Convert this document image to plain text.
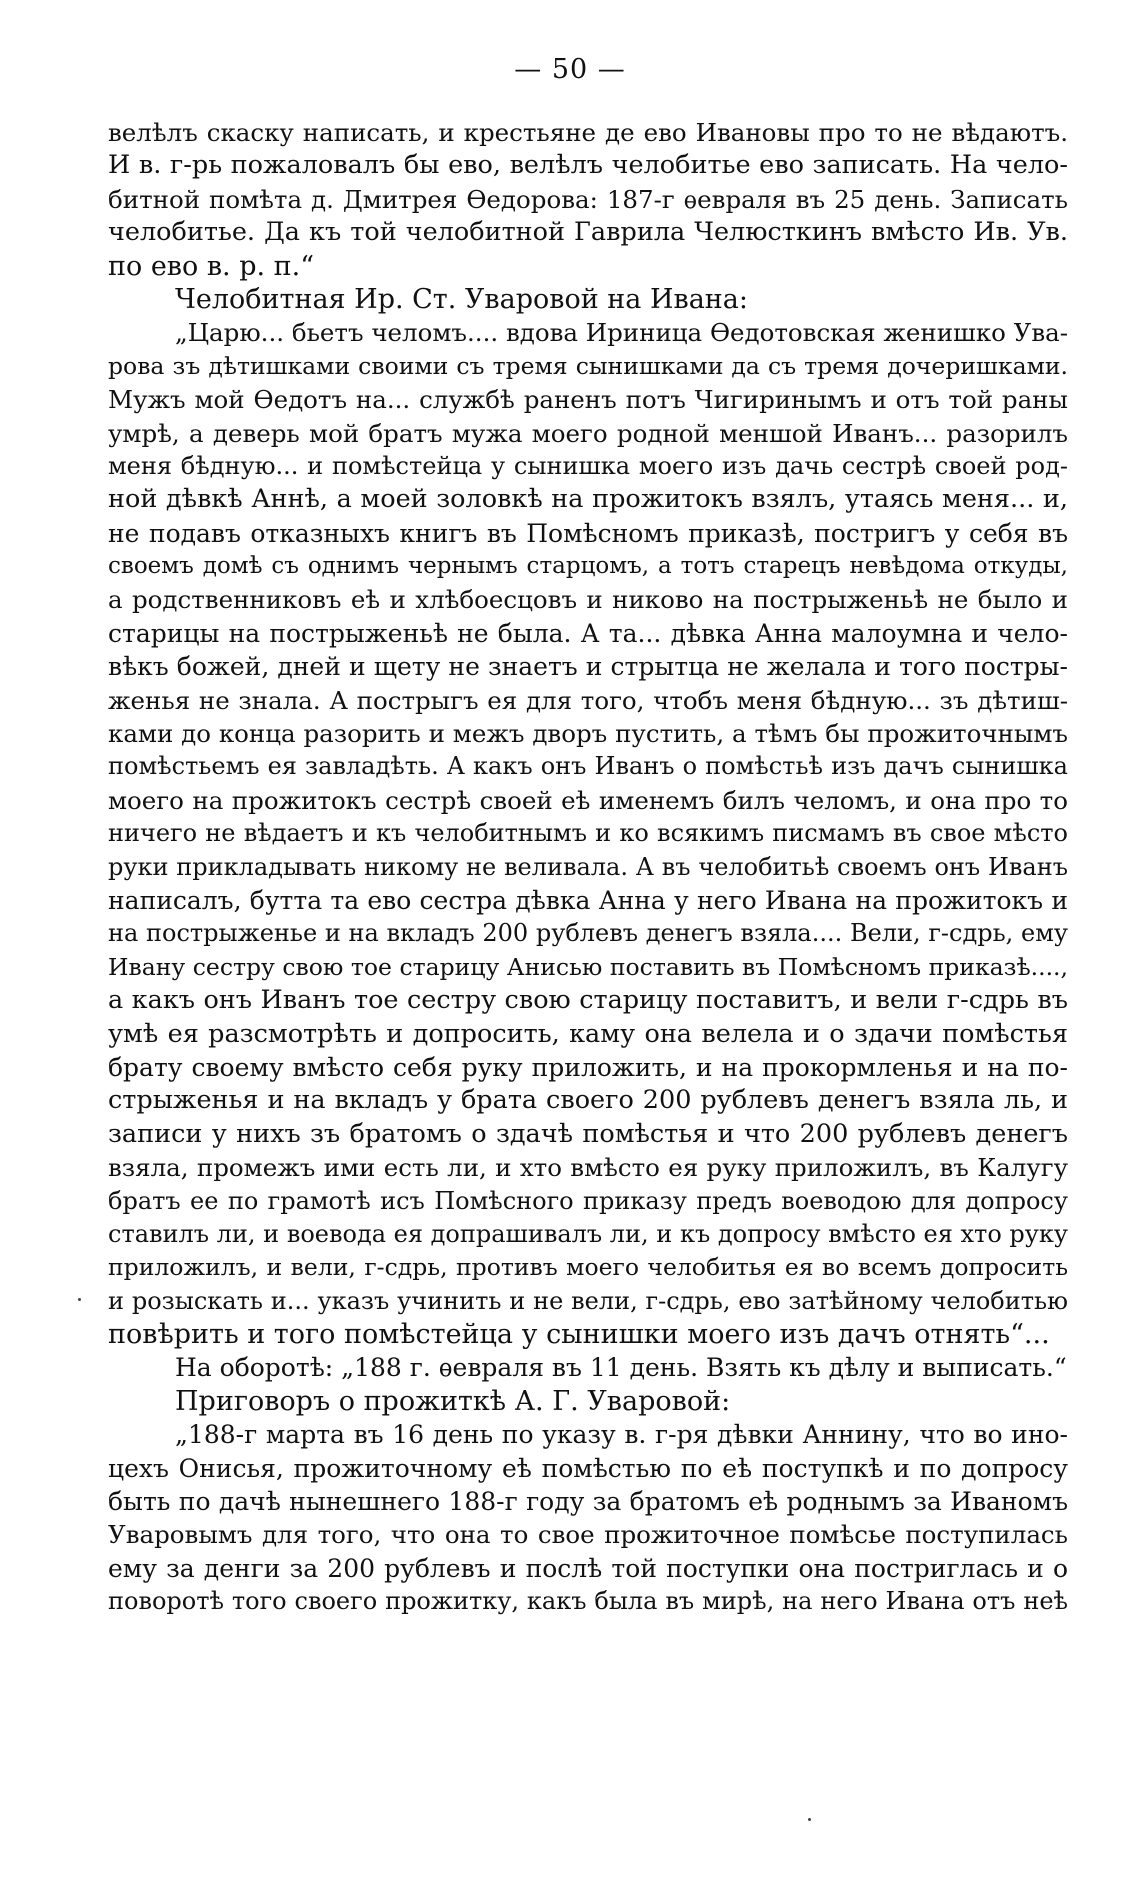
— 50 —
велѣлъ скаску написать, и крестьяне де ево Ивановы про то не вѣдаютъ.
И в. г-рь пожаловалъ бы ево, велѣлъ челобитье ево записать. На чело-
битной помѣта д. Дмитрея Ѳедорова: 187-г ѳевраля въ 25 день. Записать
челобитье. Да къ той челобитной Гаврила Челюсткинъ вмѣсто Ив. Ув.
по ево в. р. п.“
Челобитная Ир. Ст. Уваровой на Ивана:
„Царю... бьетъ челомъ.... вдова Ириница Ѳедотовская женишко Ува-
рова зъ дѣтишками своими съ тремя сынишками да съ тремя дочеришками.
Мужъ мой Ѳедотъ на... службѣ раненъ потъ Чигиринымъ и отъ той раны
умрѣ, а деверь мой братъ мужа моего родной меншой Иванъ... разорилъ
меня бѣдную... и помѣстейца у сынишка моего изъ дачь сестрѣ своей род-
ной дѣвкѣ Аннѣ, а моей золовкѣ на прожитокъ взялъ, утаясь меня... и,
не подавъ отказныхъ книгъ въ Помѣсномъ приказѣ, постригъ у себя въ
своемъ домѣ съ однимъ чернымъ старцомъ, а тотъ старецъ невѣдома откуды,
а родственниковъ еѣ и хлѣбоесцовъ и никово на пострыженьѣ не было и
старицы на пострыженьѣ не была. А та... дѣвка Анна малоумна и чело-
вѣкъ божей, дней и щету не знаетъ и стрытца не желала и того постры-
женья не знала. А пострыгъ ея для того, чтобъ меня бѣдную... зъ дѣтиш-
ками до конца разорить и межъ дворъ пустить, а тѣмъ бы прожиточнымъ
помѣстьемъ ея завладѣть. А какъ онъ Иванъ о помѣстьѣ изъ дачъ сынишка
моего на прожитокъ сестрѣ своей еѣ именемъ билъ челомъ, и она про то
ничего не вѣдаетъ и къ челобитнымъ и ко всякимъ писмамъ въ свое мѣсто
руки прикладывать никому не веливала. А въ челобитьѣ своемъ онъ Иванъ
написалъ, бутта та ево сестра дѣвка Анна у него Ивана на прожитокъ и
на пострыженье и на вкладъ 200 рублевъ денегъ взяла.... Вели, г-сдрь, ему
Ивану сестру свою тое старицу Анисью поставить въ Помѣсномъ приказѣ....,
а какъ онъ Иванъ тое сестру свою старицу поставитъ, и вели г-сдрь въ
умѣ ея разсмотрѣть и допросить, каму она велела и о здачи помѣстья
брату своему вмѣсто себя руку приложить, и на прокормленья и на по-
стрыженья и на вкладъ у брата своего 200 рублевъ денегъ взяла ль, и
записи у нихъ зъ братомъ о здачѣ помѣстья и что 200 рублевъ денегъ
взяла, промежъ ими есть ли, и хто вмѣсто ея руку приложилъ, въ Калугу
братъ ее по грамотѣ исъ Помѣсного приказу предъ воеводою для допросу
ставилъ ли, и воевода ея допрашивалъ ли, и къ допросу вмѣсто ея хто руку
приложилъ, и вели, г-сдрь, противъ моего челобитья ея во всемъ допросить
и розыскать и... указъ учинить и не вели, г-сдрь, ево затѣйному челобитью
повѣрить и того помѣстейца у сынишки моего изъ дачъ отнять“...
На оборотѣ: „188 г. ѳевраля въ 11 день. Взять къ дѣлу и выписать.“
Приговоръ о прожиткѣ А. Г. Уваровой:
„188-г марта въ 16 день по указу в. г-ря дѣвки Аннину, что во ино-
цехъ Онисья, прожиточному еѣ помѣстью по еѣ поступкѣ и по допросу
быть по дачѣ нынешнего 188-г году за братомъ еѣ роднымъ за Иваномъ
Уваровымъ для того, что она то свое прожиточное помѣсье поступилась
ему за денги за 200 рублевъ и послѣ той поступки она постриглась и о
поворотѣ того своего прожитку, какъ была въ мирѣ, на него Ивана отъ неѣ
